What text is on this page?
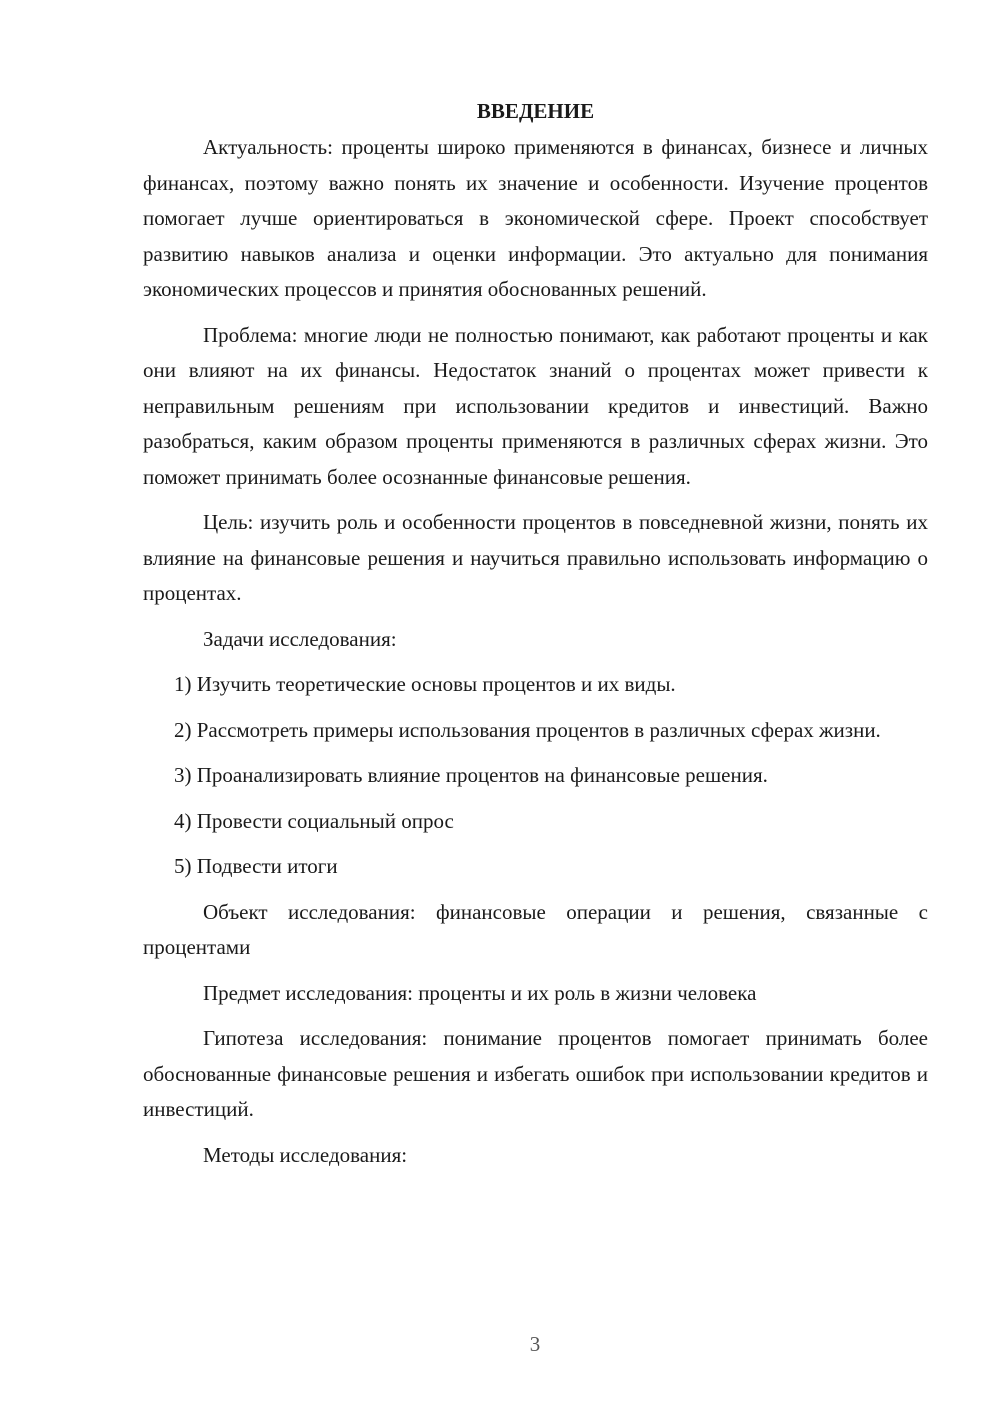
ВВЕДЕНИЕ

Актуальность: проценты широко применяются в финансах, бизнесе и личных финансах, поэтому важно понять их значение и особенности. Изучение процентов помогает лучше ориентироваться в экономической сфере. Проект способствует развитию навыков анализа и оценки информации. Это актуально для понимания экономических процессов и принятия обоснованных решений.

Проблема: многие люди не полностью понимают, как работают проценты и как они влияют на их финансы. Недостаток знаний о процентах может привести к неправильным решениям при использовании кредитов и инвестиций. Важно разобраться, каким образом проценты применяются в различных сферах жизни. Это поможет принимать более осознанные финансовые решения.

Цель: изучить роль и особенности процентов в повседневной жизни, понять их влияние на финансовые решения и научиться правильно использовать информацию о процентах.

Задачи исследования:

1) Изучить теоретические основы процентов и их виды.

2) Рассмотреть примеры использования процентов в различных сферах жизни.

3) Проанализировать влияние процентов на финансовые решения.

4) Провести социальный опрос

5) Подвести итоги

Объект исследования: финансовые операции и решения, связанные с процентами

Предмет исследования: проценты и их роль в жизни человека

Гипотеза исследования: понимание процентов помогает принимать более обоснованные финансовые решения и избегать ошибок при использовании кредитов и инвестиций.

Методы исследования:

3
